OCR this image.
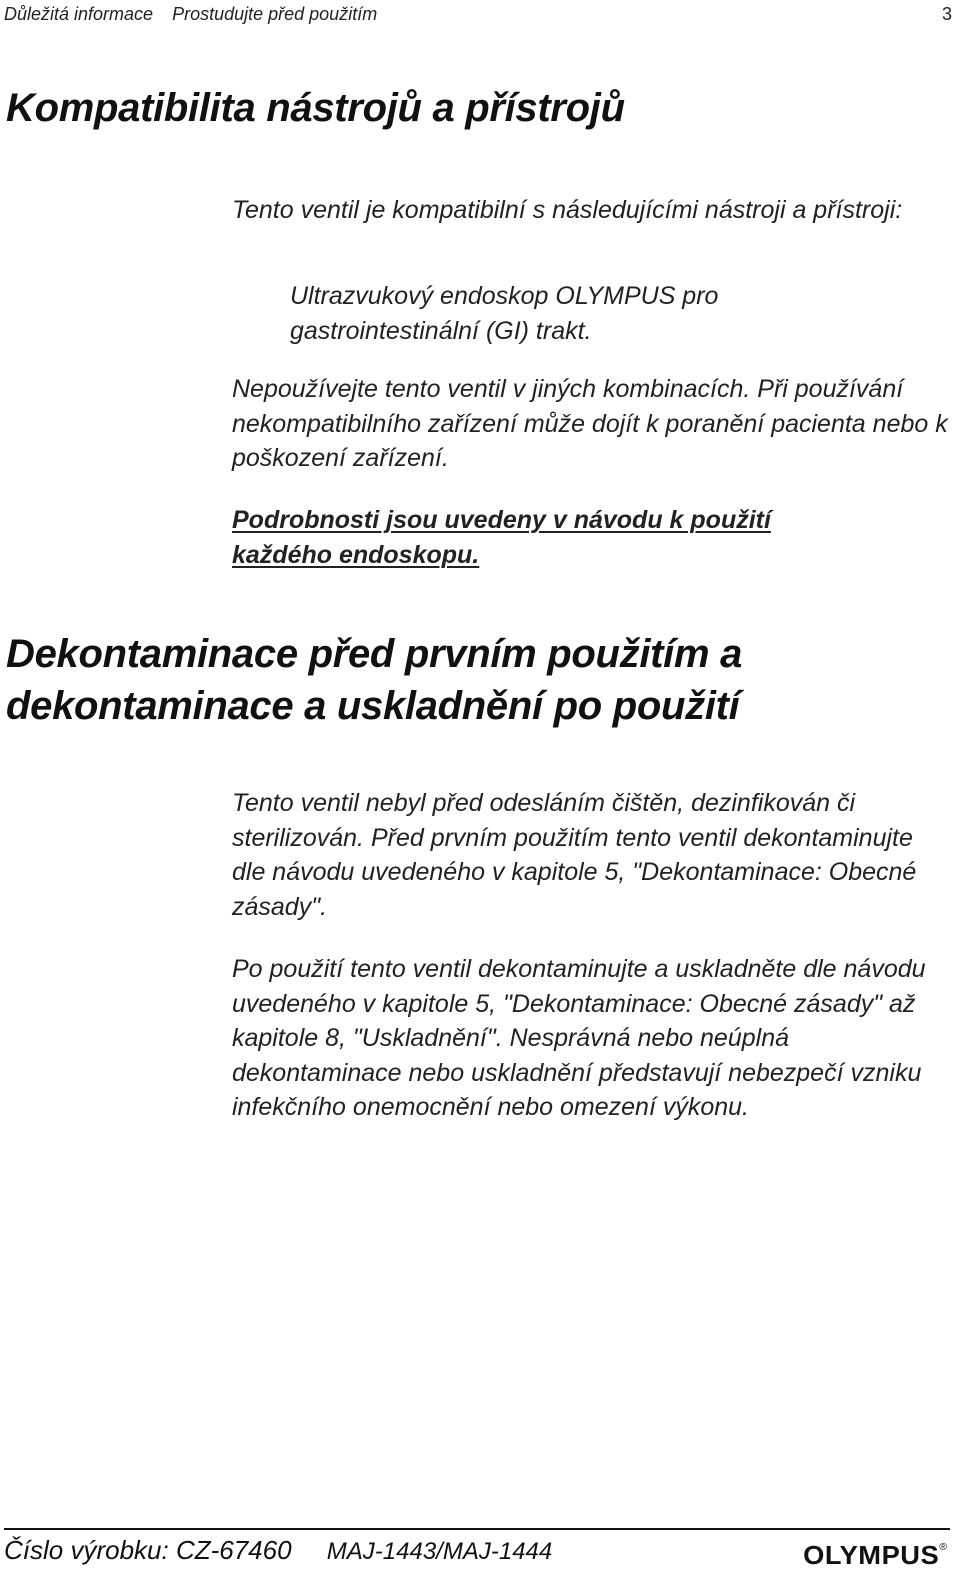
Důležitá informace Prostudujte před použitím	3
Kompatibilita nástrojů a přístrojů

Tento ventil je kompatibilní s následujícími nástroji a přístroji:

Ultrazvukový endoskop OLYMPUS pro gastrointestinální (GI) trakt.

Nepoužívejte tento ventil v jiných kombinacích. Při používání nekompatibilního zařízení může dojít k poranění pacienta nebo k poškození zařízení.

Podrobnosti jsou uvedeny v návodu k použití každého endoskopu.

Dekontaminace před prvním použitím a dekontaminace a uskladnění po použití

Tento ventil nebyl před odesláním čištěn, dezinfikován či sterilizován. Před prvním použitím tento ventil dekontaminujte dle návodu uvedeného v kapitole 5, "Dekontaminace: Obecné zásady".

Po použití tento ventil dekontaminujte a uskladněte dle návodu uvedeného v kapitole 5, "Dekontaminace: Obecné zásady" až kapitole 8, "Uskladnění". Nesprávná nebo neúplná dekontaminace nebo uskladnění představují nebezpečí vzniku infekčního onemocnění nebo omezení výkonu.

Číslo výrobku: CZ-67460 MAJ-1443/MAJ-1444	OLYMPUS®
